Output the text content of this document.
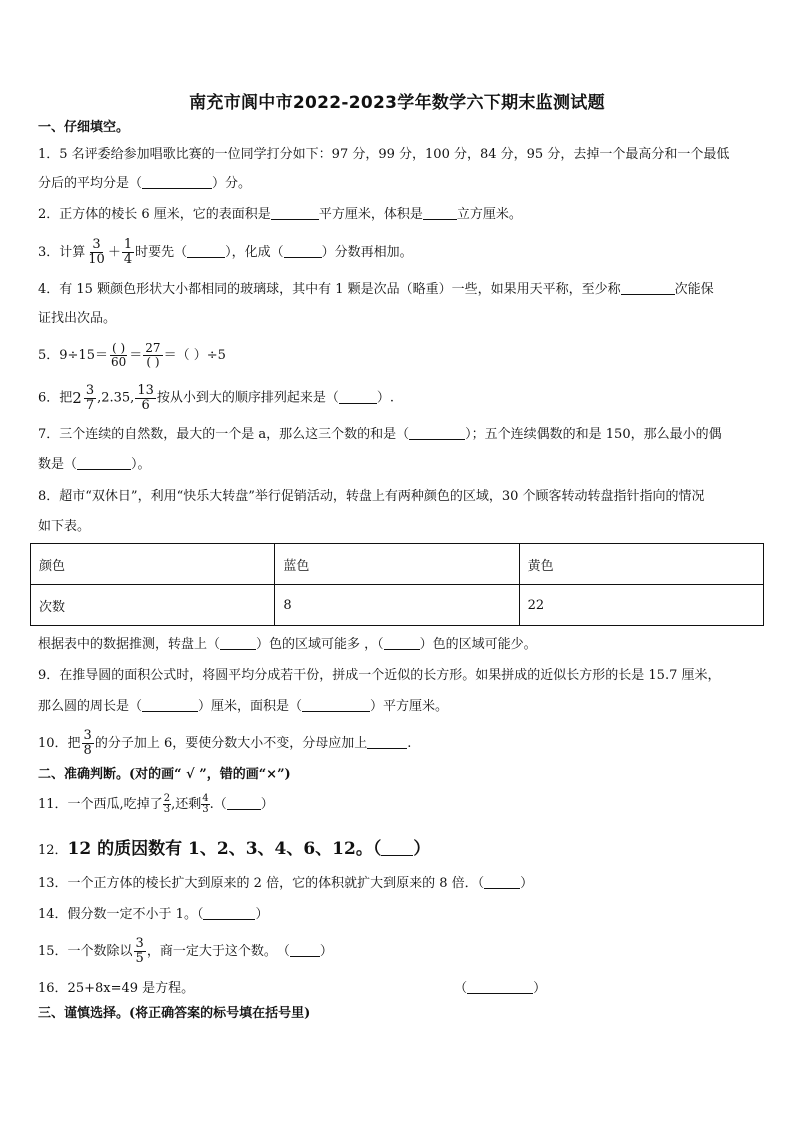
南充市阆中市2022-2023学年数学六下期末监测试题
一、仔细填空。
1．5 名评委给参加唱歌比赛的一位同学打分如下：97 分，99 分，100 分，84 分，95 分，去掉一个最高分和一个最低
分后的平均分是（	）分。
2．正方体的棱长 6 厘米，它的表面积是	平方厘米，体积是	立方厘米。
3．计算 $\frac{3}{10} + \frac{1}{4}$ 时要先（	），化成（	）分数再相加。
4．有 15 颗颜色形状大小都相同的玻璃球，其中有 1 颗是次品（略重）一些，如果用天平称，至少称	次能保
证找出次品。
5．$9\div 15= \frac{( )}{60} = \frac{27}{( )}$ ＝（ ）÷5
6．把 $2 \frac{3}{7} ,2.35$, $\frac{13}{6}$ 按从小到大的顺序排列起来是（	）.
7．三个连续的自然数，最大的一个是 a，那么这三个数的和是（	）；五个连续偶数的和是 150，那么最小的偶
数是（	）。
8．超市“双休日”，利用“快乐大转盘”举行促销活动，转盘上有两种颜色的区域，30 个顾客转动转盘指针指向的情况
如下表。
颜色	蓝色	黄色
次数	8	22
根据表中的数据推测，转盘上（	）色的区域可能多 ，（	）色的区域可能少。
9．在推导圆的面积公式时，将圆平均分成若干份，拼成一个近似的长方形。如果拼成的近似长方形的长是 15.7 厘米，
那么圆的周长是（	）厘米，面积是（	）平方厘米。
10．把 $\frac{3}{8}$ 的分子加上 6，要使分数大小不变，分母应加上	.
二、准确判断。(对的画“ √ ”，错的画“×”)
11．一个西瓜,吃掉了 $\frac{2}{3}$ ,还剩 $\frac{4}{3}$ .（	）
12．12 的质因数有 1、2、3、4、6、12。（ ）
13．一个正方体的棱长扩大到原来的 2 倍，它的体积就扩大到原来的 8 倍．（	）
14．假分数一定不小于 1。（	）
15．一个数除以 $\frac{3}{5}$ ，商一定大于这个数。　（ ）
16．25+8x=49 是方程。	（	）
三、谨慎选择。(将正确答案的标号填在括号里)
